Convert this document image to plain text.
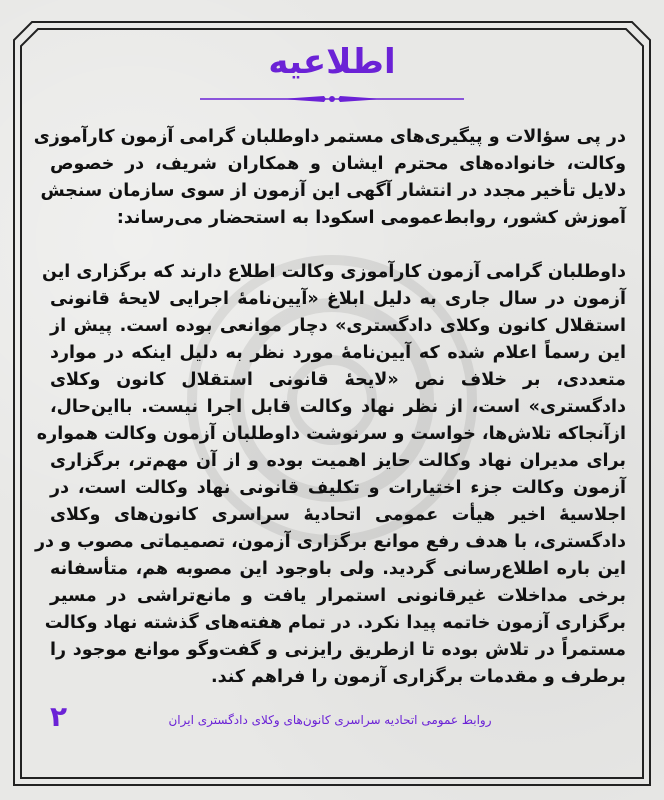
اطلاعیه
در پی سؤالات و پیگیری‌های مستمر داوطلبان گرامی آزمون کارآموزی
وکالت، خانواده‌های محترم ایشان و همکاران شریف، در خصوص
دلایل تأخیر مجدد در انتشار آگهی این آزمون از سوی سازمان سنجش
آموزش کشور، روابط‌عمومی اسکودا به استحضار می‌رساند:
داوطلبان گرامی آزمون کارآموزی وکالت اطلاع دارند که برگزاری این
آزمون در سال جاری به دلیل ابلاغ «آیین‌نامهٔ اجرایی لایحهٔ قانونی
استقلال کانون وکلای دادگستری» دچار موانعی بوده است. پیش از
این رسماً اعلام شده که آیین‌نامهٔ مورد نظر به دلیل اینکه در موارد
متعددی، بر خلاف نص «لایحهٔ قانونی استقلال کانون وکلای
دادگستری» است، از نظر نهاد وکالت قابل اجرا نیست. بااین‌حال،
ازآنجاکه تلاش‌ها، خواست و سرنوشت داوطلبان آزمون وکالت همواره
برای مدیران نهاد وکالت حایز اهمیت بوده و از آن مهم‌تر، برگزاری
آزمون وکالت جزء اختیارات و تکلیف قانونی نهاد وکالت است، در
اجلاسیهٔ اخیر هیأت عمومی اتحادیهٔ سراسری کانون‌های وکلای
دادگستری، با هدف رفع موانع برگزاری آزمون، تصمیماتی مصوب و در
این باره اطلاع‌رسانی گردید. ولی باوجود این مصوبه هم، متأسفانه
برخی مداخلات غیرقانونی استمرار یافت و مانع‌تراشی در مسیر
برگزاری آزمون خاتمه پیدا نکرد. در تمام هفته‌های گذشته نهاد وکالت
مستمراً در تلاش بوده تا ازطریق رایزنی و گفت‌وگو موانع موجود را
برطرف و مقدمات برگزاری آزمون را فراهم کند.
۲	روابط عمومی اتحادیه سراسری کانون‌های وکلای دادگستری ایران
